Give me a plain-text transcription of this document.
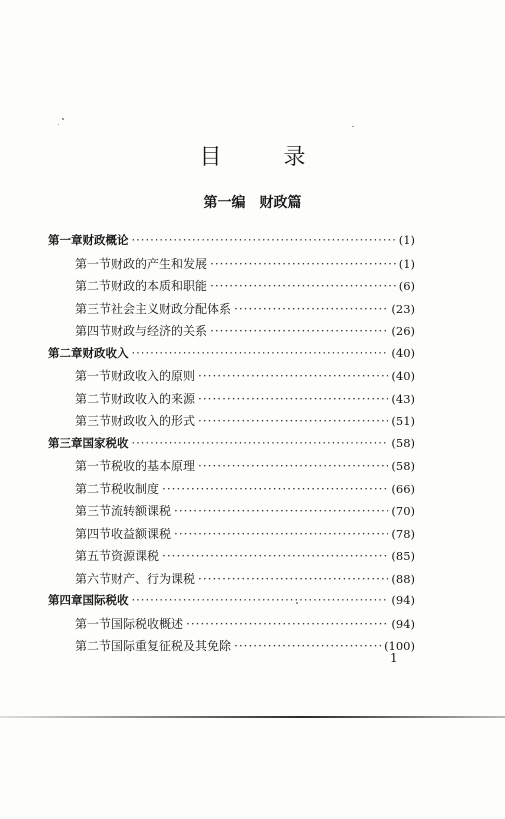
目	录
第一编　财政篇
第一章 财政概论 ·····	(1)
第一节 财政的产生和发展 ·····	(1)
第二节 财政的本质和职能 ·····	(6)
第三节 社会主义财政分配体系 ·····	(23)
第四节 财政与经济的关系 ·····	(26)
第二章 财政收入 ·····	(40)
第一节 财政收入的原则 ·····	(40)
第二节 财政收入的来源 ·····	(43)
第三节 财政收入的形式 ·····	(51)
第三章 国家税收 ·····	(58)
第一节 税收的基本原理 ·····	(58)
第二节 税收制度 ·····	(66)
第三节 流转额课税 ·····	(70)
第四节 收益额课税 ·····	(78)
第五节 资源课税 ·····	(85)
第六节 财产、行为课税 ·····	(88)
第四章 国际税收 ·····	(94)
第一节 国际税收概述 ·····	(94)
第二节 国际重复征税及其免除 ·····	(100)
1
